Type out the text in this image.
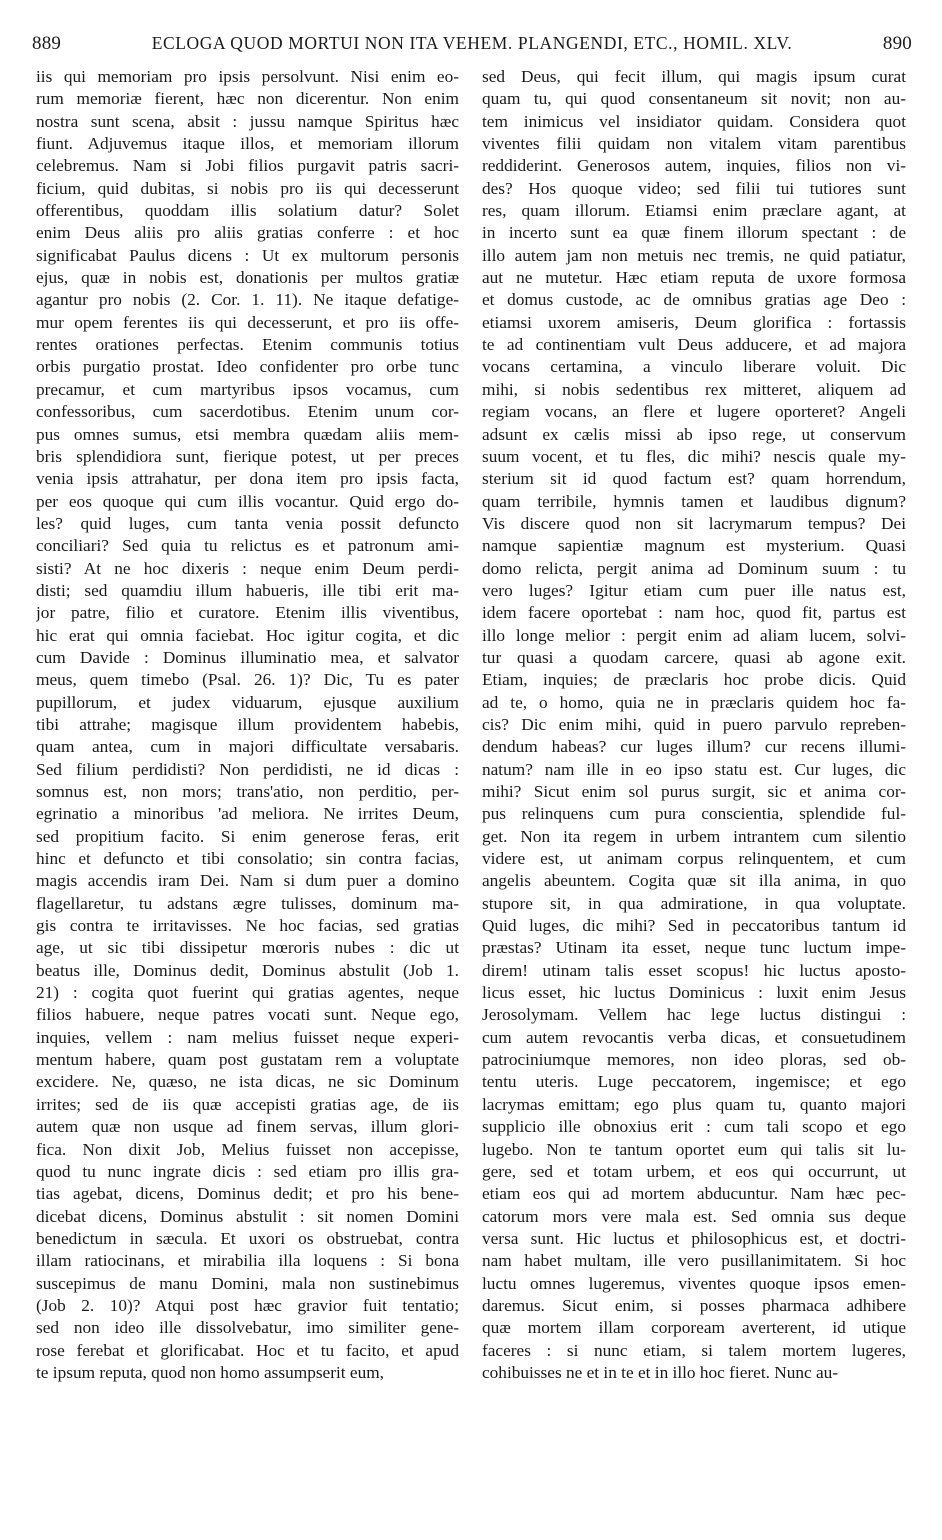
889	ECLOGA QUOD MORTUI NON ITA VEHEM. PLANGENDI, ETC., HOMIL. XLV.	890
iis qui memoriam pro ipsis persolvunt. Nisi enim eo-
rum memoriæ fierent, hæc non dicerentur. Non enim
nostra sunt scena, absit : jussu namque Spiritus hæc
fiunt. Adjuvemus itaque illos, et memoriam illorum
celebremus. Nam si Jobi filios purgavit patris sacri-
ficium, quid dubitas, si nobis pro iis qui decesserunt
offerentibus, quoddam illis solatium datur? Solet
enim Deus aliis pro aliis gratias conferre : et hoc
significabat Paulus dicens : Ut ex multorum personis
ejus, quæ in nobis est, donationis per multos gratiæ
agantur pro nobis (2. Cor. 1. 11). Ne itaque defatige-
mur opem ferentes iis qui decesserunt, et pro iis offe-
rentes orationes perfectas. Etenim communis totius
orbis purgatio prostat. Ideo confidenter pro orbe tunc
precamur, et cum martyribus ipsos vocamus, cum
confessoribus, cum sacerdotibus. Etenim unum cor-
pus omnes sumus, etsi membra quædam aliis mem-
bris splendidiora sunt, fierique potest, ut per preces
venia ipsis attrahatur, per dona item pro ipsis facta,
per eos quoque qui cum illis vocantur. Quid ergo do-
les? quid luges, cum tanta venia possit defuncto
conciliari? Sed quia tu relictus es et patronum ami-
sisti? At ne hoc dixeris : neque enim Deum perdi-
disti; sed quamdiu illum habueris, ille tibi erit ma-
jor patre, filio et curatore. Etenim illis viventibus,
hic erat qui omnia faciebat. Hoc igitur cogita, et dic
cum Davide : Dominus illuminatio mea, et salvator
meus, quem timebo (Psal. 26. 1)? Dic, Tu es pater
pupillorum, et judex viduarum, ejusque auxilium
tibi attrahe; magisque illum providentem habebis,
quam antea, cum in majori difficultate versabaris.
Sed filium perdidisti? Non perdidisti, ne id dicas :
somnus est, non mors; trans'atio, non perditio, per-
egrinatio a minoribus 'ad meliora. Ne irrites Deum,
sed propitium facito. Si enim generose feras, erit
hinc et defuncto et tibi consolatio; sin contra facias,
magis accendis iram Dei. Nam si dum puer a domino
flagellaretur, tu adstans ægre tulisses, dominum ma-
gis contra te irritavisses. Ne hoc facias, sed gratias
age, ut sic tibi dissipetur mœroris nubes : dic ut
beatus ille, Dominus dedit, Dominus abstulit (Job 1.
21) : cogita quot fuerint qui gratias agentes, neque
filios habuere, neque patres vocati sunt. Neque ego,
inquies, vellem : nam melius fuisset neque experi-
mentum habere, quam post gustatam rem a voluptate
excidere. Ne, quæso, ne ista dicas, ne sic Dominum
irrites; sed de iis quæ accepisti gratias age, de iis
autem quæ non usque ad finem servas, illum glori-
fica. Non dixit Job, Melius fuisset non accepisse,
quod tu nunc ingrate dicis : sed etiam pro illis gra-
tias agebat, dicens, Dominus dedit; et pro his bene-
dicebat dicens, Dominus abstulit : sit nomen Domini
benedictum in sæcula. Et uxori os obstruebat, contra
illam ratiocinans, et mirabilia illa loquens : Si bona
suscepimus de manu Domini, mala non sustinebimus
(Job 2. 10)? Atqui post hæc gravior fuit tentatio;
sed non ideo ille dissolvebatur, imo similiter gene-
rose ferebat et glorificabat. Hoc et tu facito, et apud
te ipsum reputa, quod non homo assumpserit eum,
sed Deus, qui fecit illum, qui magis ipsum curat
quam tu, qui quod consentaneum sit novit; non au-
tem inimicus vel insidiator quidam. Considera quot
viventes filii quidam non vitalem vitam parentibus
reddiderint. Generosos autem, inquies, filios non vi-
des? Hos quoque video; sed filii tui tutiores sunt
res, quam illorum. Etiamsi enim præclare agant, at
in incerto sunt ea quæ finem illorum spectant : de
illo autem jam non metuis nec tremis, ne quid patiatur,
aut ne mutetur. Hæc etiam reputa de uxore formosa
et domus custode, ac de omnibus gratias age Deo :
etiamsi uxorem amiseris, Deum glorifica : fortassis
te ad continentiam vult Deus adducere, et ad majora
vocans certamina, a vinculo liberare voluit. Dic
mihi, si nobis sedentibus rex mitteret, aliquem ad
regiam vocans, an flere et lugere oporteret? Angeli
adsunt ex cælis missi ab ipso rege, ut conservum
suum vocent, et tu fles, dic mihi? nescis quale my-
sterium sit id quod factum est? quam horrendum,
quam terribile, hymnis tamen et laudibus dignum?
Vis discere quod non sit lacrymarum tempus? Dei
namque sapientiæ magnum est mysterium. Quasi
domo relicta, pergit anima ad Dominum suum : tu
vero luges? Igitur etiam cum puer ille natus est,
idem facere oportebat : nam hoc, quod fit, partus est
illo longe melior : pergit enim ad aliam lucem, solvi-
tur quasi a quodam carcere, quasi ab agone exit.
Etiam, inquies; de præclaris hoc probe dicis. Quid
ad te, o homo, quia ne in præclaris quidem hoc fa-
cis? Dic enim mihi, quid in puero parvulo repreben-
dendum habeas? cur luges illum? cur recens illumi-
natum? nam ille in eo ipso statu est. Cur luges, dic
mihi? Sicut enim sol purus surgit, sic et anima cor-
pus relinquens cum pura conscientia, splendide ful-
get. Non ita regem in urbem intrantem cum silentio
videre est, ut animam corpus relinquentem, et cum
angelis abeuntem. Cogita quæ sit illa anima, in quo
stupore sit, in qua admiratione, in qua voluptate.
Quid luges, dic mihi? Sed in peccatoribus tantum id
præstas? Utinam ita esset, neque tunc luctum impe-
direm! utinam talis esset scopus! hic luctus aposto-
licus esset, hic luctus Dominicus : luxit enim Jesus
Jerosolymam. Vellem hac lege luctus distingui :
cum autem revocantis verba dicas, et consuetudinem
patrociniumque memores, non ideo ploras, sed ob-
tentu uteris. Luge peccatorem, ingemisce; et ego
lacrymas emittam; ego plus quam tu, quanto majori
supplicio ille obnoxius erit : cum tali scopo et ego
lugebo. Non te tantum oportet eum qui talis sit lu-
gere, sed et totam urbem, et eos qui occurrunt, ut
etiam eos qui ad mortem abducuntur. Nam hæc pec-
catorum mors vere mala est. Sed omnia sus deque
versa sunt. Hic luctus et philosophicus est, et doctri-
nam habet multam, ille vero pusillanimitatem. Si hoc
luctu omnes lugeremus, viventes quoque ipsos emen-
daremus. Sicut enim, si posses pharmaca adhibere
quæ mortem illam corpoream averterent, id utique
faceres : si nunc etiam, si talem mortem lugeres,
cohibuisses ne et in te et in illo hoc fieret. Nunc au-
